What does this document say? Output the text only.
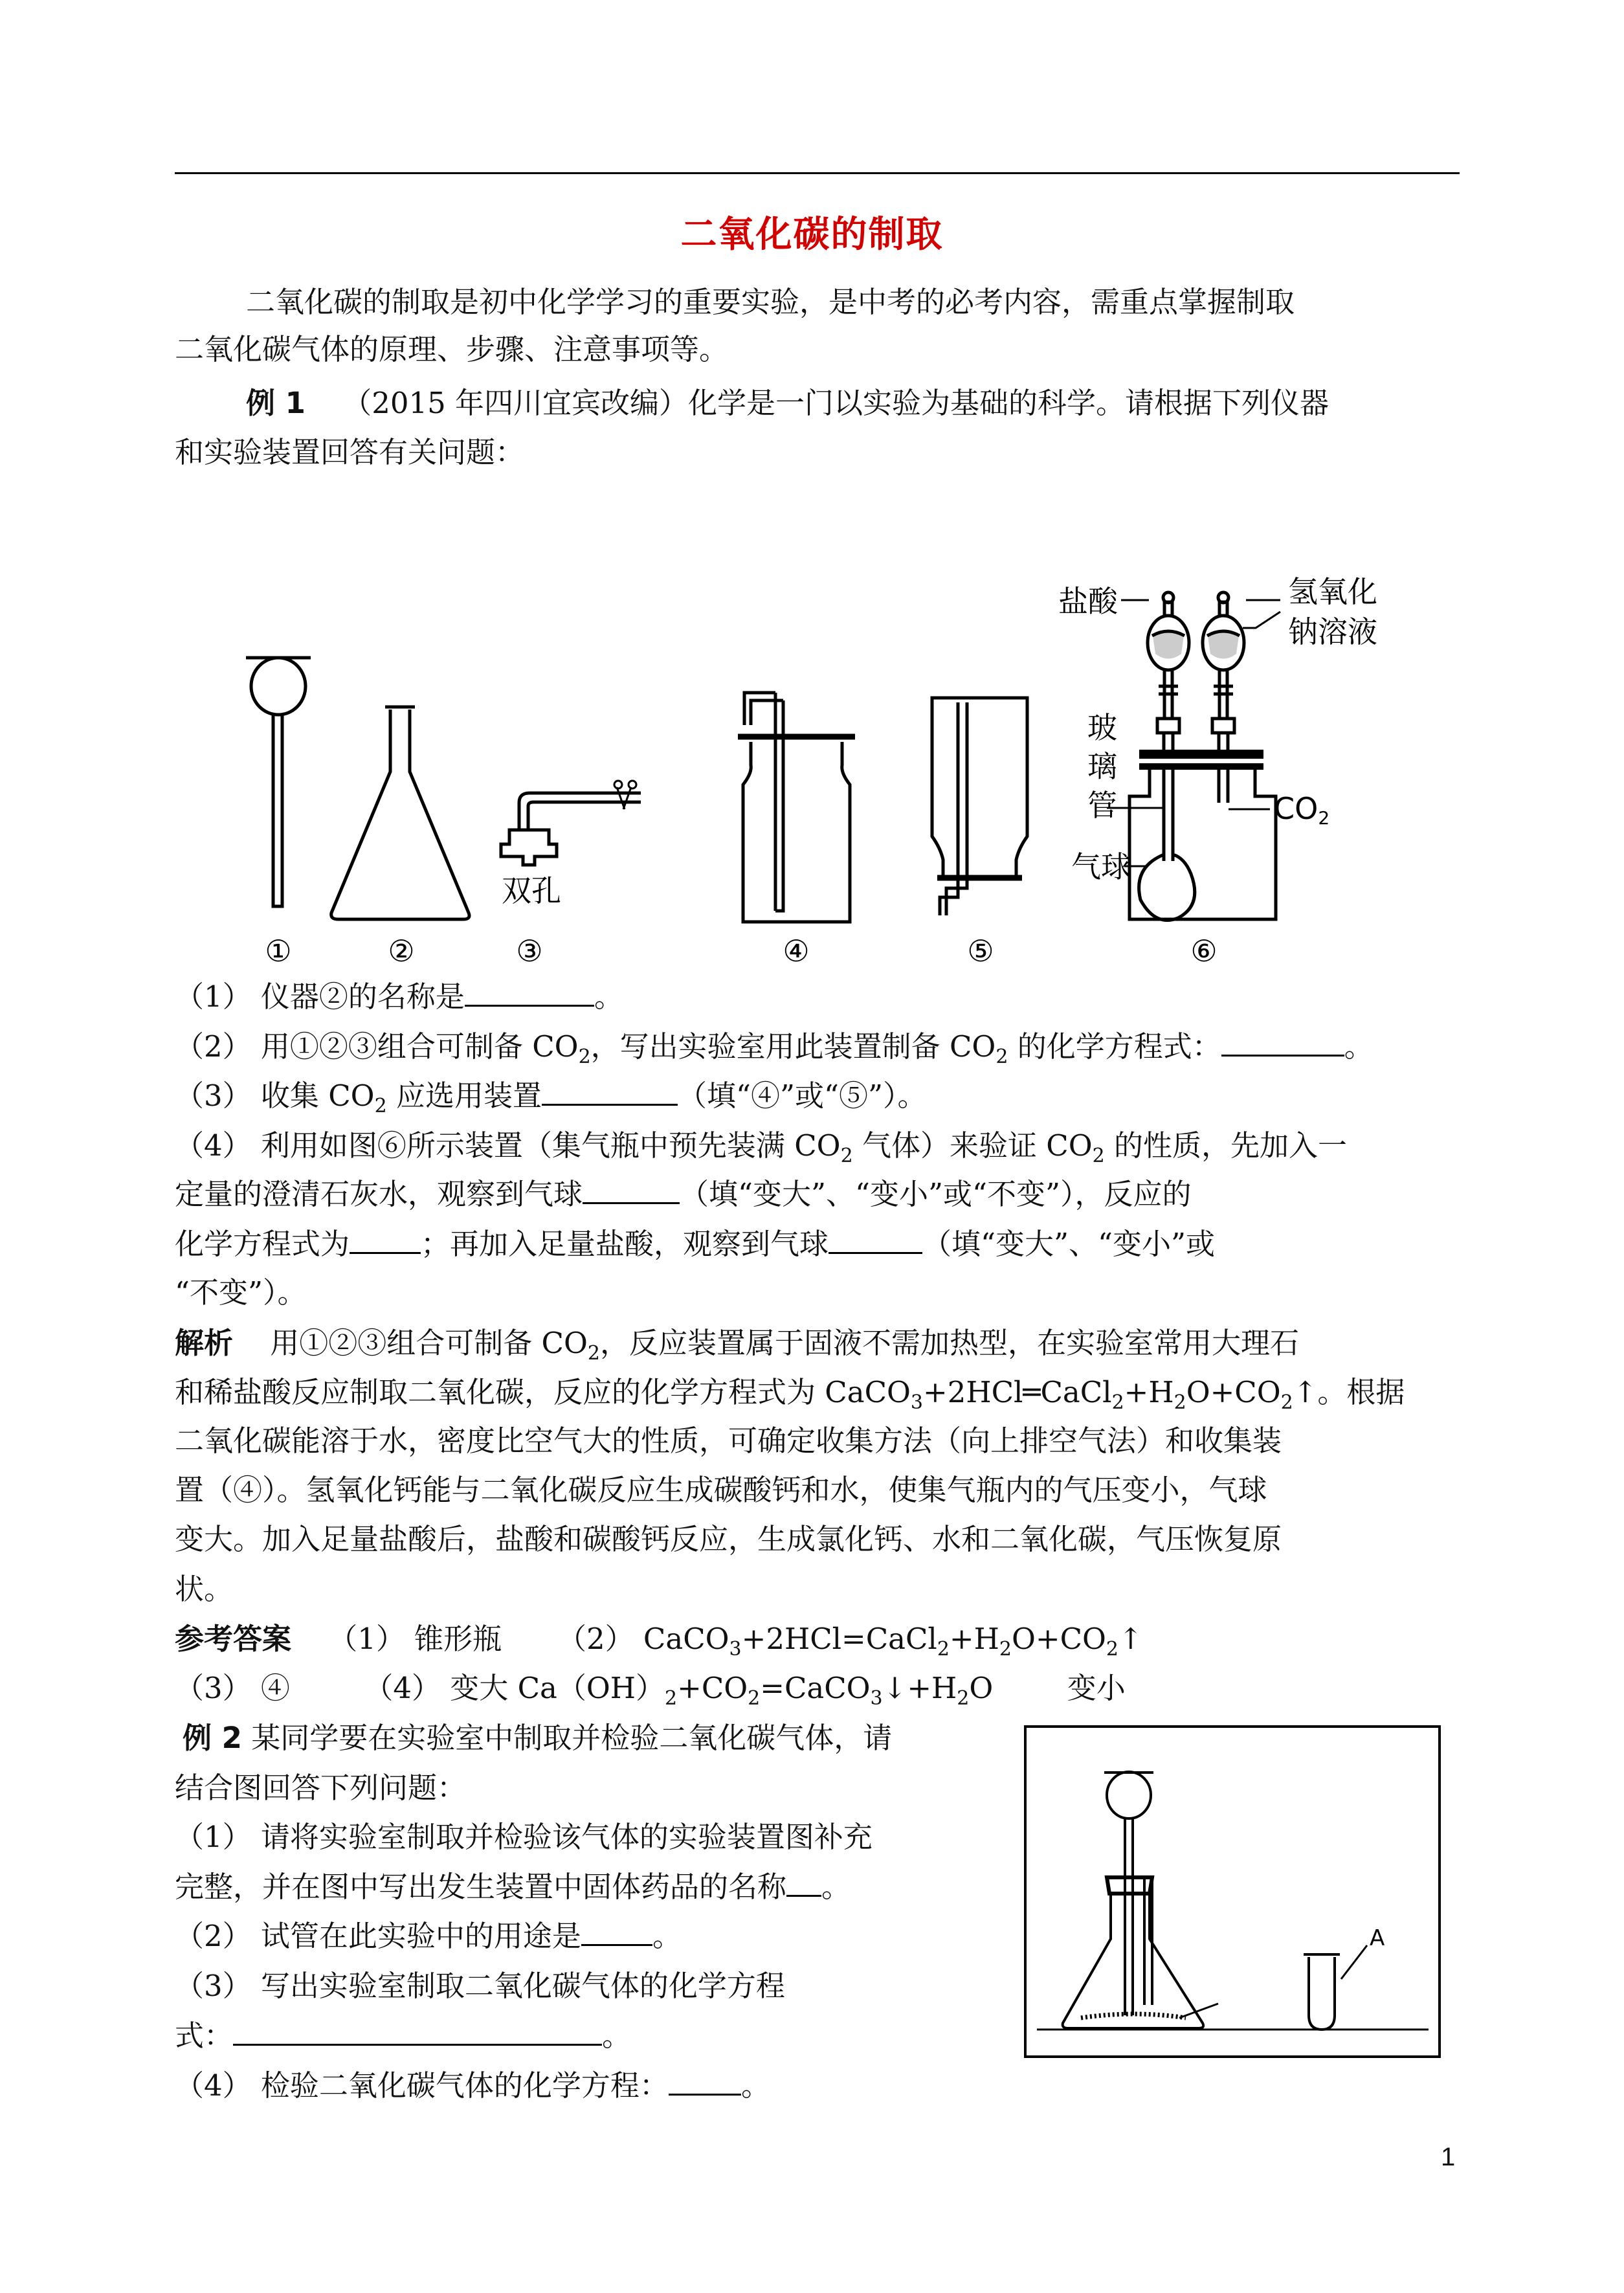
二氧化碳的制取
二氧化碳的制取是初中化学学习的重要实验，是中考的必考内容，需重点掌握制取
二氧化碳气体的原理、步骤、注意事项等。
例 1 （2015 年四川宜宾改编）化学是一门以实验为基础的科学。请根据下列仪器
和实验装置回答有关问题：
②
①	③	④	⑤	⑥
双孔
盐酸	氢氧化
钠溶液
玻
璃
管	CO2
气球
（1） 仪器②的名称是	。
（2） 用①②③组合可制备 $CO_2$，写出实验室用此装置制备 $CO_2$ 的化学方程式：	。
（3） 收集 $CO_2$ 应选用装置	（填“④”或“⑤”）。
（4） 利用如图⑥所示装置（集气瓶中预先装满 $CO_2$ 气体）来验证 $CO_2$ 的性质，先加入一
定量的澄清石灰水，观察到气球	（填“变大”、“变小”或“不变”），反应的
化学方程式为 ；再加入足量盐酸，观察到气球	（填“变大”、“变小”或
“不变”）。
解析 用①②③组合可制备 $CO_2$，反应装置属于固液不需加热型，在实验室常用大理石
和稀盐酸反应制取二氧化碳，反应的化学方程式为 $CaCO_3+2HCl═CaCl_2+H_2O+CO_2↑$。根据
二氧化碳能溶于水，密度比空气大的性质，可确定收集方法（向上排空气法）和收集装
置（④）。氢氧化钙能与二氧化碳反应生成碳酸钙和水，使集气瓶内的气压变小，气球
变大。加入足量盐酸后，盐酸和碳酸钙反应，生成氯化钙、水和二氧化碳，气压恢复原
状。
参考答案 （1） 锥形瓶 （2） $CaCO_3+2HCl=CaCl_2+H_2O+CO_2↑$
（3） ④	（4） 变大 $Ca(OH)_2+CO_2=CaCO_3↓+H_2O$	变小
例 2 某同学要在实验室中制取并检验二氧化碳气体，请
结合图回答下列问题：
（1） 请将实验室制取并检验该气体的实验装置图补充
完整，并在图中写出发生装置中固体药品的名称 。
（2） 试管在此实验中的用途是 。
（3） 写出实验室制取二氧化碳气体的化学方程
式：	。
（4） 检验二氧化碳气体的化学方程： 。
A
1
